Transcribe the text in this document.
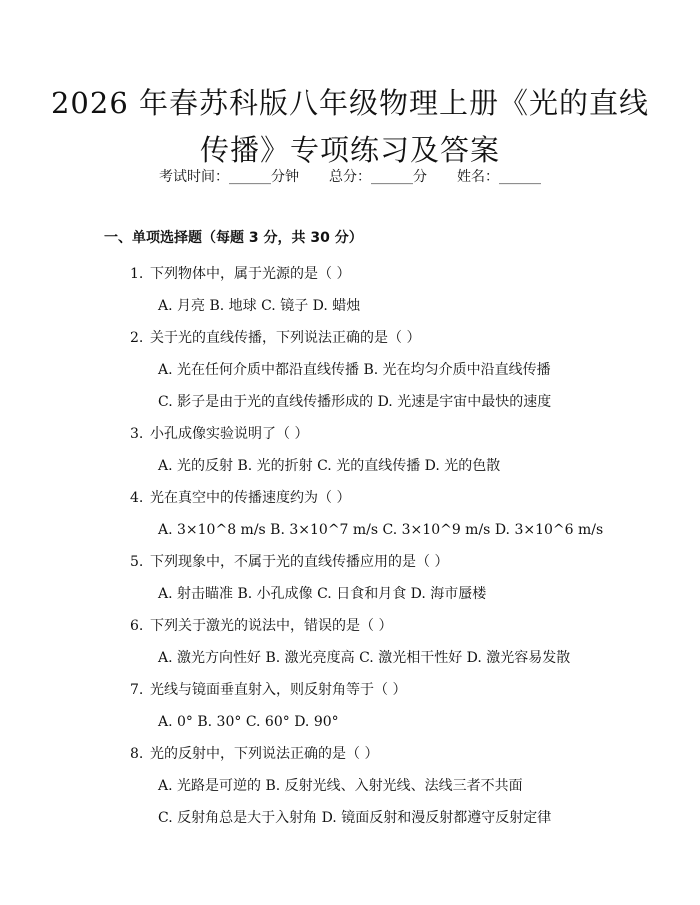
2026 年春苏科版八年级物理上册《光的直线
传播》专项练习及答案
考试时间：______分钟 总分：______分 姓名：______
一、单项选择题（每题 3 分，共 30 分）
1. 下列物体中，属于光源的是（ ）
A. 月亮 B. 地球 C. 镜子 D. 蜡烛
2. 关于光的直线传播，下列说法正确的是（ ）
A. 光在任何介质中都沿直线传播 B. 光在均匀介质中沿直线传播
C. 影子是由于光的直线传播形成的 D. 光速是宇宙中最快的速度
3. 小孔成像实验说明了（ ）
A. 光的反射 B. 光的折射 C. 光的直线传播 D. 光的色散
4. 光在真空中的传播速度约为（ ）
A. 3×10^8 m/s B. 3×10^7 m/s C. 3×10^9 m/s D. 3×10^6 m/s
5. 下列现象中，不属于光的直线传播应用的是（ ）
A. 射击瞄准 B. 小孔成像 C. 日食和月食 D. 海市蜃楼
6. 下列关于激光的说法中，错误的是（ ）
A. 激光方向性好 B. 激光亮度高 C. 激光相干性好 D. 激光容易发散
7. 光线与镜面垂直射入，则反射角等于（ ）
A. 0° B. 30° C. 60° D. 90°
8. 光的反射中，下列说法正确的是（ ）
A. 光路是可逆的 B. 反射光线、入射光线、法线三者不共面
C. 反射角总是大于入射角 D. 镜面反射和漫反射都遵守反射定律
